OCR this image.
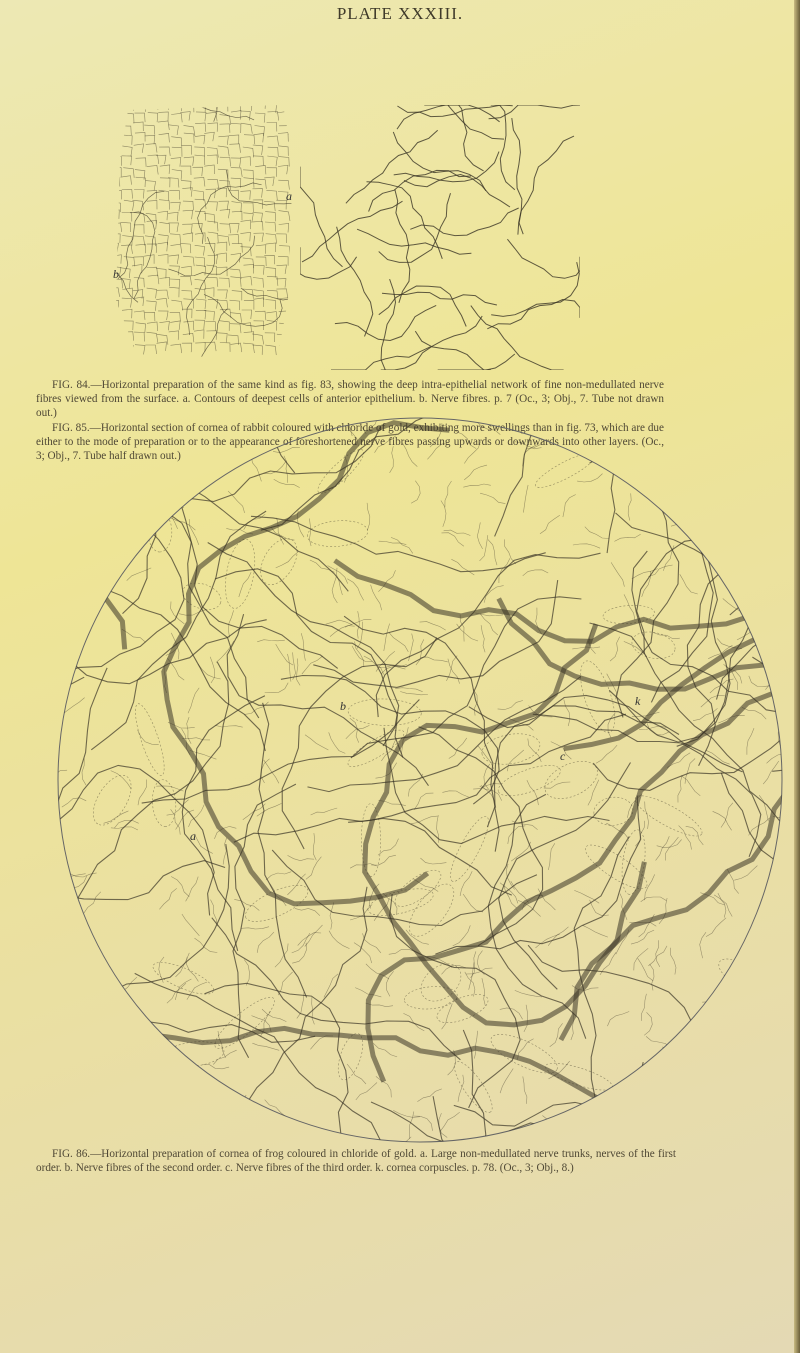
PLATE XXXIII.
b
a
FIG. 84.—Horizontal preparation of the same kind as fig. 83, showing the deep intra-epithelial network of fine non-medullated nerve fibres viewed from the surface. a. Contours of deepest cells of anterior epithelium. b. Nerve fibres. p. 7 (Oc., 3; Obj., 7. Tube not drawn out.)
FIG. 85.—Horizontal section of cornea of rabbit coloured with chloride of gold, exhibiting more swellings than in fig. 73, which are due either to the mode of preparation or to the appearance of foreshortened nerve fibres passing upwards or downwards into other layers. (Oc., 3; Obj., 7. Tube half drawn out.)
k
c
b
a
FIG. 86.—Horizontal preparation of cornea of frog coloured in chloride of gold. a. Large non-medullated nerve trunks, nerves of the first order. b. Nerve fibres of the second order. c. Nerve fibres of the third order. k. cornea corpuscles. p. 78. (Oc., 3; Obj., 8.)
